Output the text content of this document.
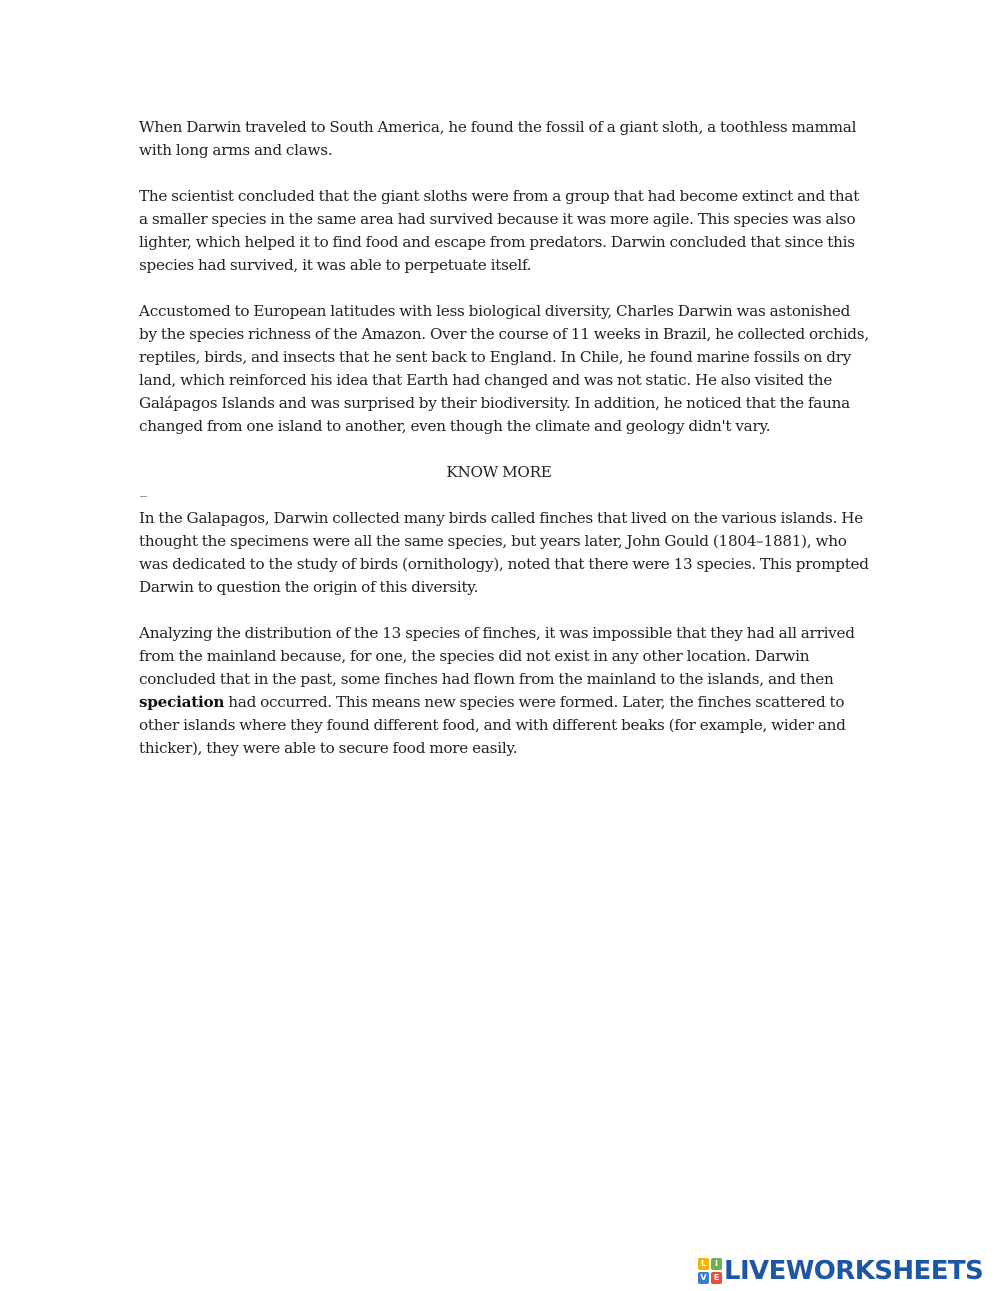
When Darwin traveled to South America, he found the fossil of a giant sloth, a toothless mammal with long arms and claws.

The scientist concluded that the giant sloths were from a group that had become extinct and that a smaller species in the same area had survived because it was more agile. This species was also lighter, which helped it to find food and escape from predators. Darwin concluded that since this species had survived, it was able to perpetuate itself.

Accustomed to European latitudes with less biological diversity, Charles Darwin was astonished by the species richness of the Amazon. Over the course of 11 weeks in Brazil, he collected orchids, reptiles, birds, and insects that he sent back to England. In Chile, he found marine fossils on dry land, which reinforced his idea that Earth had changed and was not static. He also visited the Galápagos Islands and was surprised by their biodiversity. In addition, he noticed that the fauna changed from one island to another, even though the climate and geology didn't vary.

KNOW MORE

In the Galapagos, Darwin collected many birds called finches that lived on the various islands. He thought the specimens were all the same species, but years later, John Gould (1804–1881), who was dedicated to the study of birds (ornithology), noted that there were 13 species. This prompted Darwin to question the origin of this diversity.

Analyzing the distribution of the 13 species of finches, it was impossible that they had all arrived from the mainland because, for one, the species did not exist in any other location. Darwin concluded that in the past, some finches had flown from the mainland to the islands, and then speciation had occurred. This means new species were formed. Later, the finches scattered to other islands where they found different food, and with different beaks (for example, wider and thicker), they were able to secure food more easily.

L	I
V E LIVEWORKSHEETS
